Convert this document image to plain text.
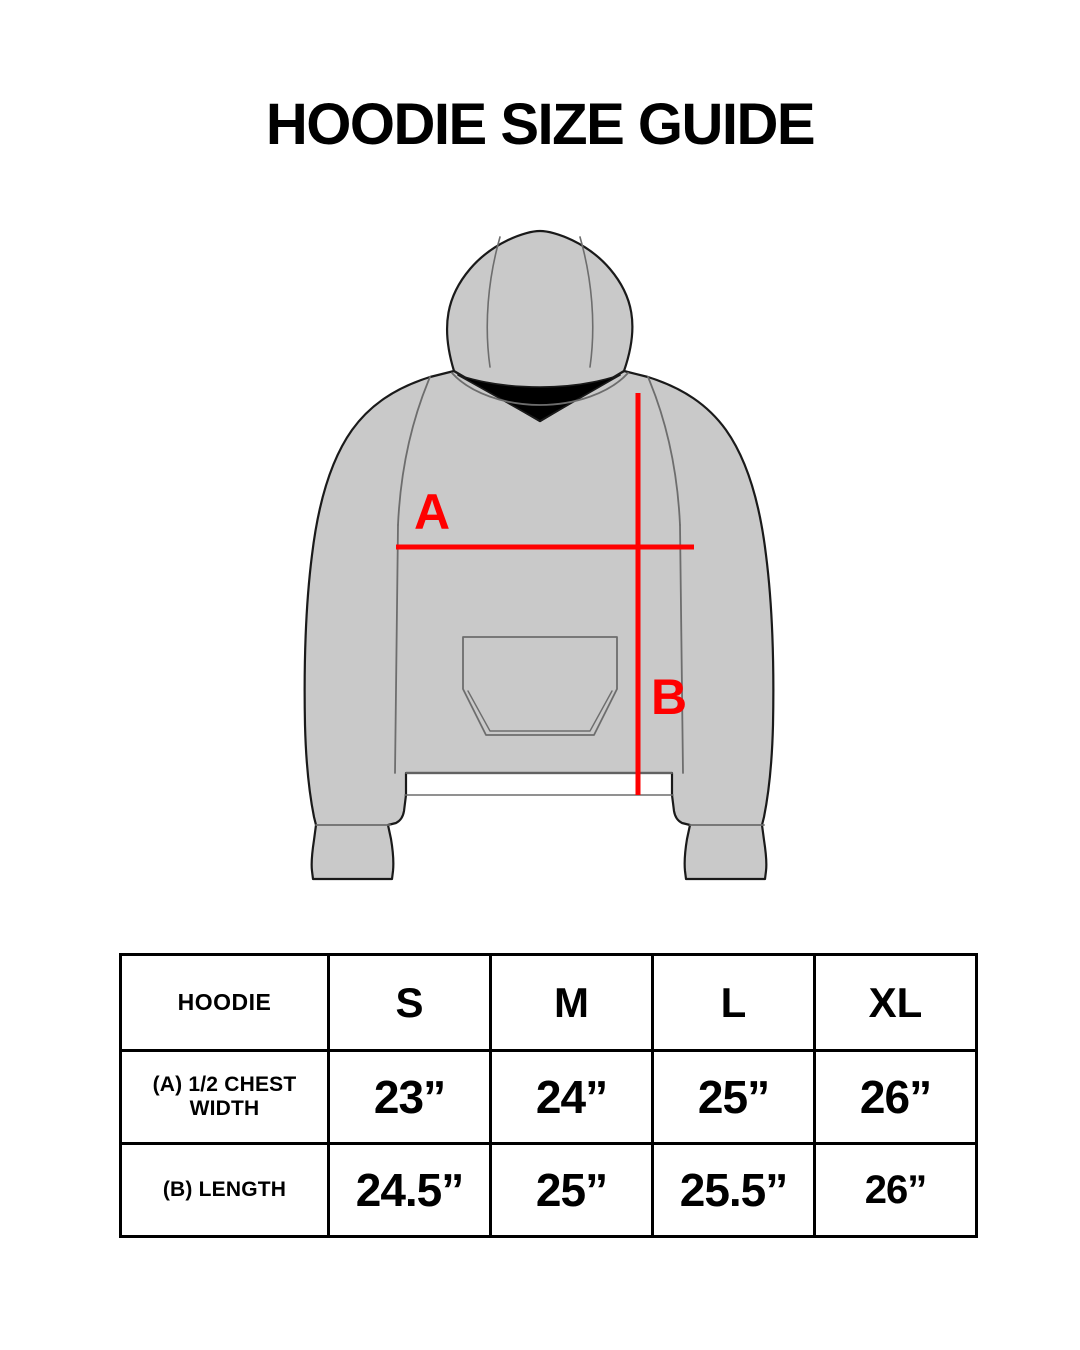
HOODIE SIZE GUIDE
A
B
HOODIE	S	M	L	XL
(A) 1/2 CHEST
WIDTH	23”	24”	25”	26”
(B) LENGTH	24.5”	25”	25.5”	26”
